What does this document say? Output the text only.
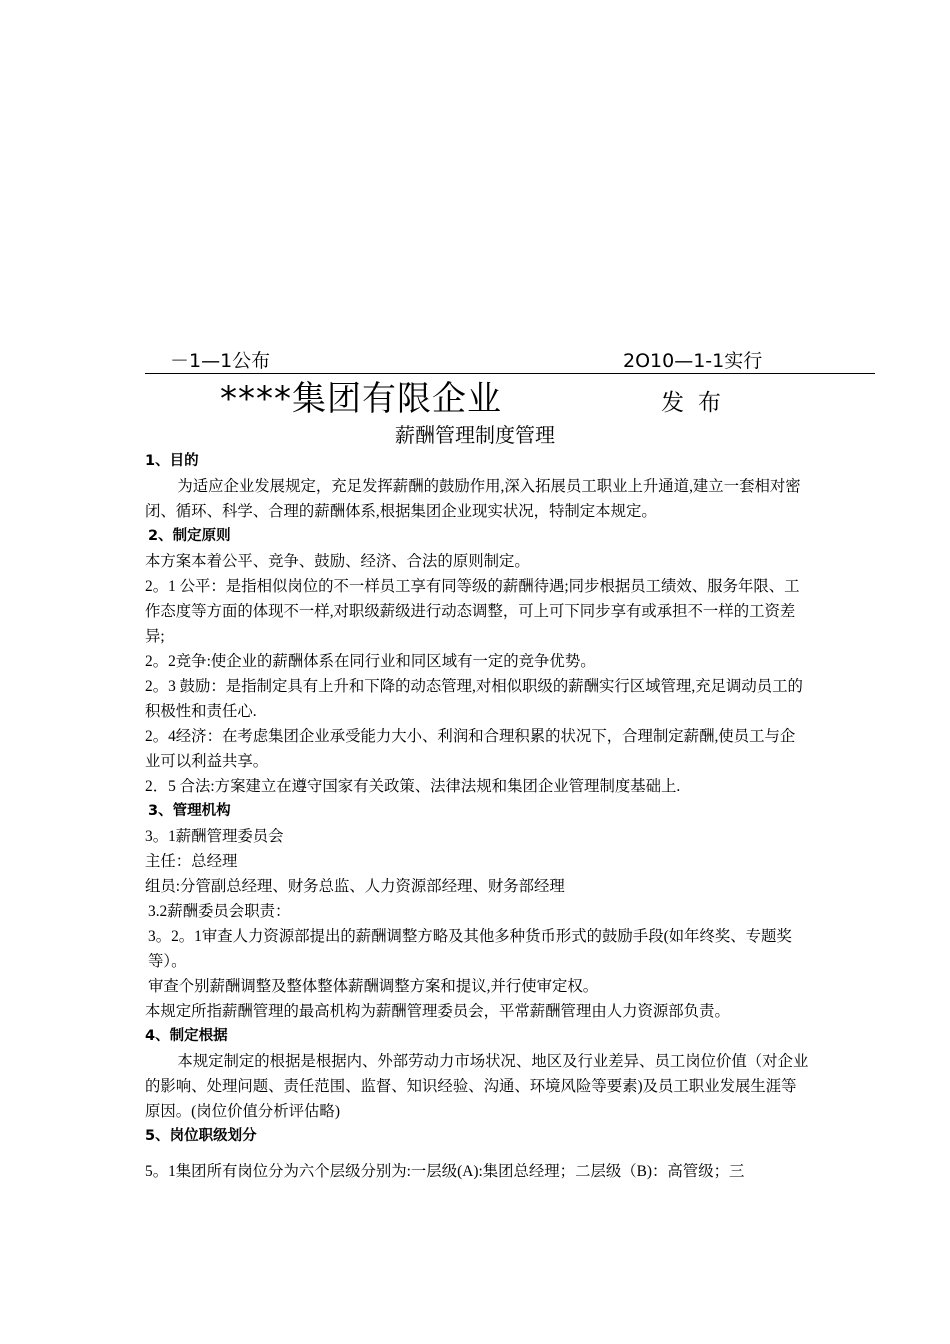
－1—1公布	2O10—1-1实行
****集团有限企业	发布
薪酬管理制度管理

1、目的

为适应企业发展规定，充足发挥薪酬的鼓励作用,深入拓展员工职业上升通道,建立一套相对密闭、循环、科学、合理的薪酬体系,根据集团企业现实状况，特制定本规定。

2、制定原则

本方案本着公平、竞争、鼓励、经济、合法的原则制定。

2。1 公平：是指相似岗位的不一样员工享有同等级的薪酬待遇;同步根据员工绩效、服务年限、工作态度等方面的体现不一样,对职级薪级进行动态调整，可上可下同步享有或承担不一样的工资差异;

2。2竞争:使企业的薪酬体系在同行业和同区域有一定的竞争优势。

2。3 鼓励：是指制定具有上升和下降的动态管理,对相似职级的薪酬实行区域管理,充足调动员工的积极性和责任心.

2。4经济：在考虑集团企业承受能力大小、利润和合理积累的状况下，合理制定薪酬,使员工与企业可以利益共享。

2．5 合法:方案建立在遵守国家有关政策、法律法规和集团企业管理制度基础上.

3、管理机构

3。1薪酬管理委员会

主任：总经理

组员:分管副总经理、财务总监、人力资源部经理、财务部经理

3.2薪酬委员会职责：

3。2。1审查人力资源部提出的薪酬调整方略及其他多种货币形式的鼓励手段(如年终奖、专题奖等）。

审查个别薪酬调整及整体整体薪酬调整方案和提议,并行使审定权。

本规定所指薪酬管理的最高机构为薪酬管理委员会，平常薪酬管理由人力资源部负责。

4、制定根据

本规定制定的根据是根据内、外部劳动力市场状况、地区及行业差异、员工岗位价值（对企业的影响、处理问题、责任范围、监督、知识经验、沟通、环境风险等要素)及员工职业发展生涯等原因。(岗位价值分析评估略)

5、岗位职级划分

5。1集团所有岗位分为六个层级分别为:一层级(A):集团总经理；二层级（B)：高管级；三
